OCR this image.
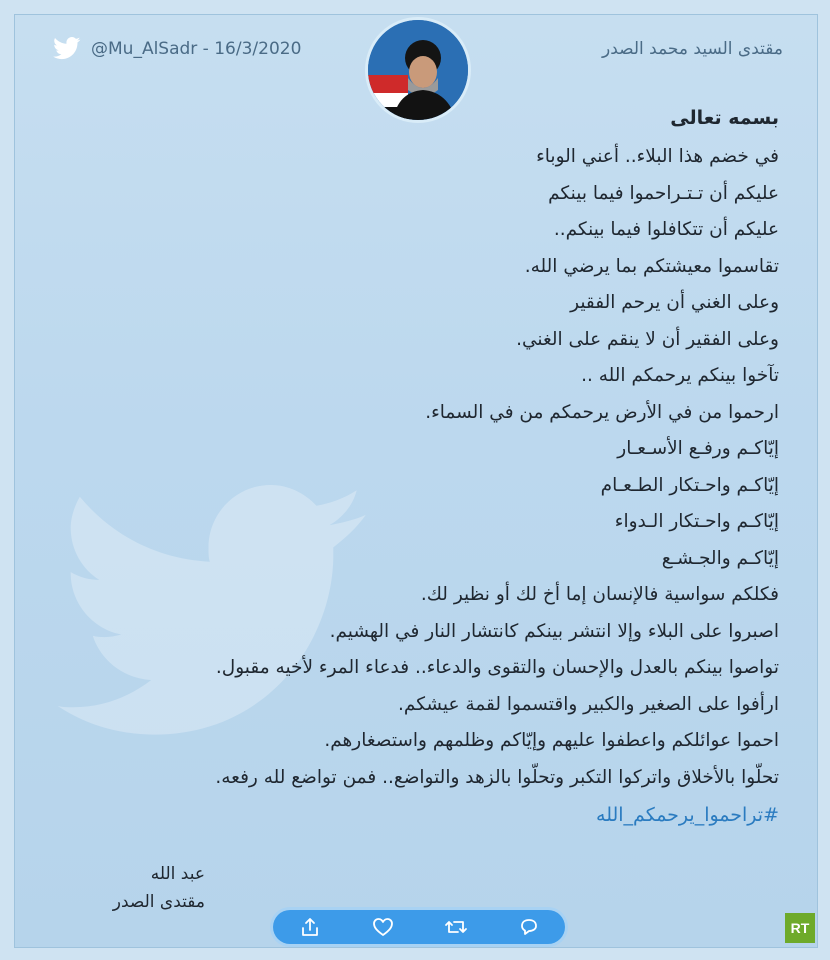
@Mu_AlSadr - 16/3/2020	مقتدى السيد محمد الصدر
بسمه تعالى
في خضم هذا البلاء.. أعني الوباء
عليكم أن تـتـراحموا فيما بينكم
عليكم أن تتكافلوا فيما بينكم..
تقاسموا معيشتكم بما يرضي الله.
وعلى الغني أن يرحم الفقير
وعلى الفقير أن لا ينقم على الغني.
تآخوا بينكم يرحمكم الله ..
ارحموا من في الأرض يرحمكم من في السماء.
إيّاكـم ورفـع الأسـعـار
إيّاكـم واحـتكار الطـعـام
إيّاكـم واحـتكار الـدواء
إيّاكـم والجـشـع
فكلكم سواسية فالإنسان إما أخ لك أو نظير لك.
اصبروا على البلاء وإلا انتشر بينكم كانتشار النار في الهشيم.
تواصوا بينكم بالعدل والإحسان والتقوى والدعاء.. فدعاء المرء لأخيه مقبول.
ارأفوا على الصغير والكبير واقتسموا لقمة عيشكم.
احموا عوائلكم واعطفوا عليهم وإيّاكم وظلمهم واستصغارهم.
تحلّوا بالأخلاق واتركوا التكبر وتحلّوا بالزهد والتواضع.. فمن تواضع لله رفعه.
#تراحموا_يرحمكم_الله
عبد الله
مقتدى الصدر
RT
